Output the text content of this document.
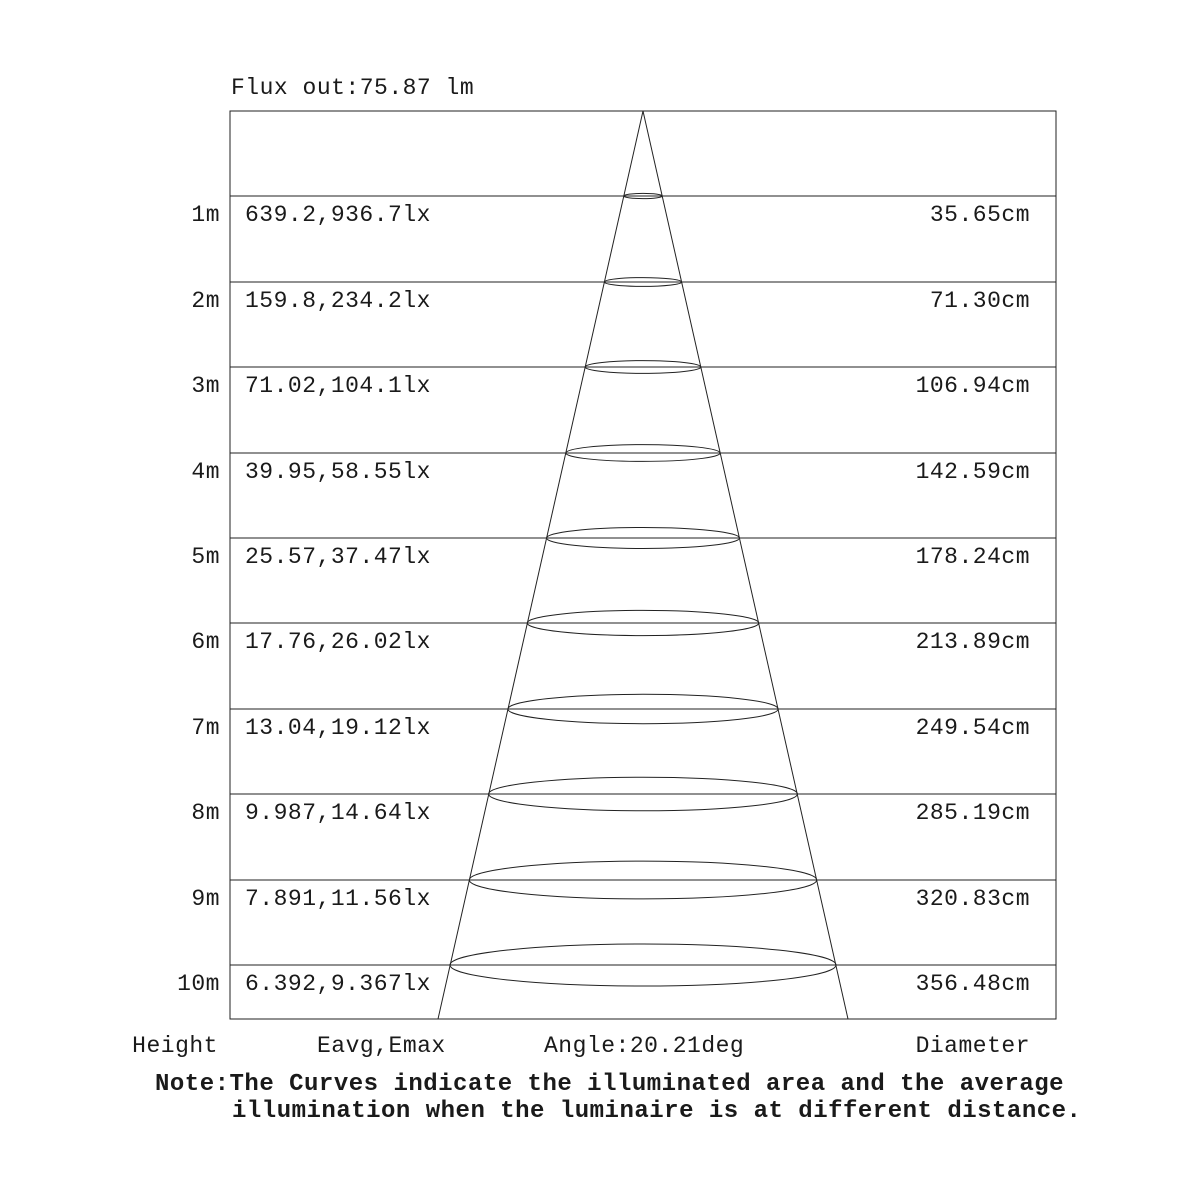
Flux out:75.87 lm
1m 639.2,936.7lx	35.65cm
2m 159.8,234.2lx	71.30cm
3m 71.02,104.1lx	106.94cm
4m 39.95,58.55lx	142.59cm
5m 25.57,37.47lx	178.24cm
6m 17.76,26.02lx	213.89cm
7m 13.04,19.12lx	249.54cm
8m 9.987,14.64lx	285.19cm
9m 7.891,11.56lx	320.83cm
10m 6.392,9.367lx	356.48cm
Height	Eavg,Emax	Angle:20.21deg	Diameter
Note:The Curves indicate the illuminated area and the average
illumination when the luminaire is at different distance.
